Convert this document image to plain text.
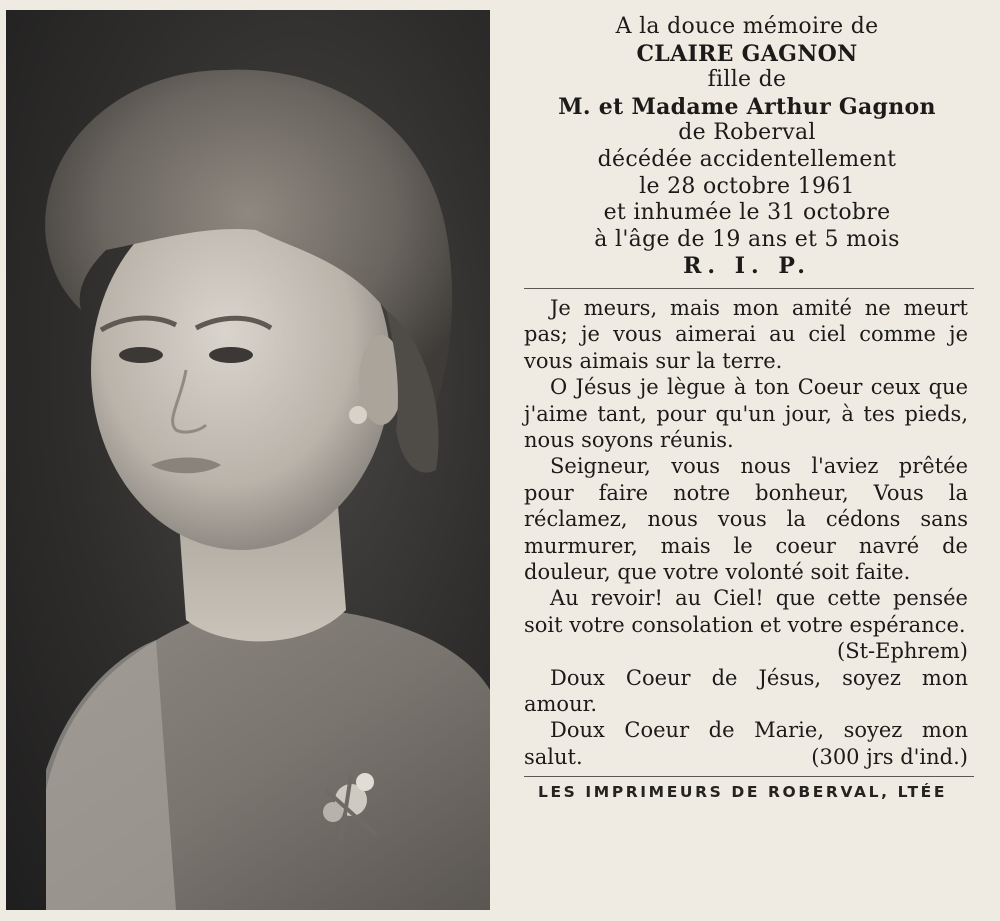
A la douce mémoire de
CLAIRE GAGNON
fille de
M. et Madame Arthur Gagnon
de Roberval
décédée accidentellement
le 28 octobre 1961
et inhumée le 31 octobre
à l'âge de 19 ans et 5 mois
R. I. P.

Je meurs, mais mon amité ne meurt pas; je vous aimerai au ciel comme je vous aimais sur la terre.

O Jésus je lègue à ton Coeur ceux que j'aime tant, pour qu'un jour, à tes pieds, nous soyons réunis.

Seigneur, vous nous l'aviez prêtée pour faire notre bonheur, Vous la réclamez, nous vous la cédons sans murmurer, mais le coeur navré de douleur, que votre volonté soit faite.

Au revoir! au Ciel! que cette pensée soit votre consolation et votre espérance.
(St-Ephrem)

Doux Coeur de Jésus, soyez mon amour.

Doux Coeur de Marie, soyez mon salut.	(300 jrs d'ind.)

LES IMPRIMEURS DE ROBERVAL, LTÉE
